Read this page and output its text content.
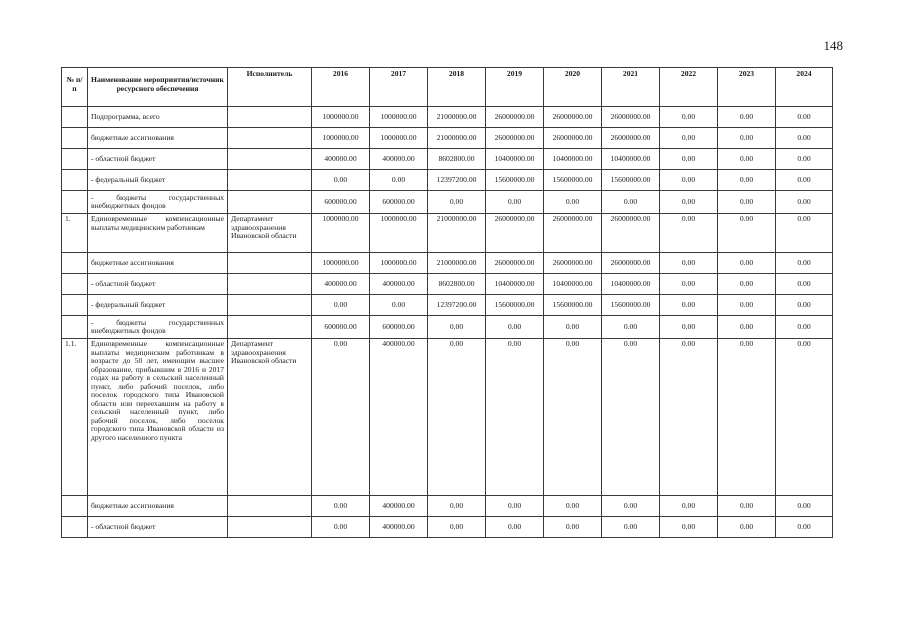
148
№ п/п	Наименование мероприятия/источник ресурсного обеспечения	Исполнитель	2016	2017	2018	2019	2020	2021	2022	2023	2024
	Подпрограмма, всего		1000000.00	1000000.00	21000000.00	26000000.00	26000000.00	26000000.00	0.00	0.00	0.00
	бюджетные ассигнования		1000000.00	1000000.00	21000000.00	26000000.00	26000000.00	26000000.00	0.00	0.00	0.00
	- областной бюджет		400000.00	400000.00	8602800.00	10400000.00	10400000.00	10400000.00	0.00	0.00	0.00
	- федеральный бюджет		0.00	0.00	12397200.00	15600000.00	15600000.00	15600000.00	0.00	0.00	0.00
	- бюджеты государственных внебюджетных фондов		600000.00	600000.00	0.00	0.00	0.00	0.00	0.00	0.00	0.00
1.	Единовременные компенсационные выплаты медицинским работникам	Департамент здравоохранения Ивановской области	1000000.00	1000000.00	21000000.00	26000000.00	26000000.00	26000000.00	0.00	0.00	0.00
	бюджетные ассигнования		1000000.00	1000000.00	21000000.00	26000000.00	26000000.00	26000000.00	0.00	0.00	0.00
	- областной бюджет		400000.00	400000.00	8602800.00	10400000.00	10400000.00	10400000.00	0.00	0.00	0.00
	- федеральный бюджет		0.00	0.00	12397200.00	15600000.00	15600000.00	15600000.00	0.00	0.00	0.00
	- бюджеты государственных внебюджетных фондов		600000.00	600000.00	0.00	0.00	0.00	0.00	0.00	0.00	0.00
1.1.	Единовременные компенсационные выплаты медицинским работникам в возрасте до 50 лет, имеющим высшее образование, прибывшим в 2016 и 2017 годах на работу в сельский населенный пункт, либо рабочий поселок, либо поселок городского типа Ивановской области или переехавшим на работу в сельский населенный пункт, либо рабочий поселок, либо поселок городского типа Ивановской области из другого населенного пункта	Департамент здравоохранения Ивановской области	0.00	400000.00	0.00	0.00	0.00	0.00	0.00	0.00	0.00
	бюджетные ассигнования		0.00	400000.00	0.00	0.00	0.00	0.00	0.00	0.00	0.00
	- областной бюджет		0.00	400000.00	0.00	0.00	0.00	0.00	0.00	0.00	0.00
